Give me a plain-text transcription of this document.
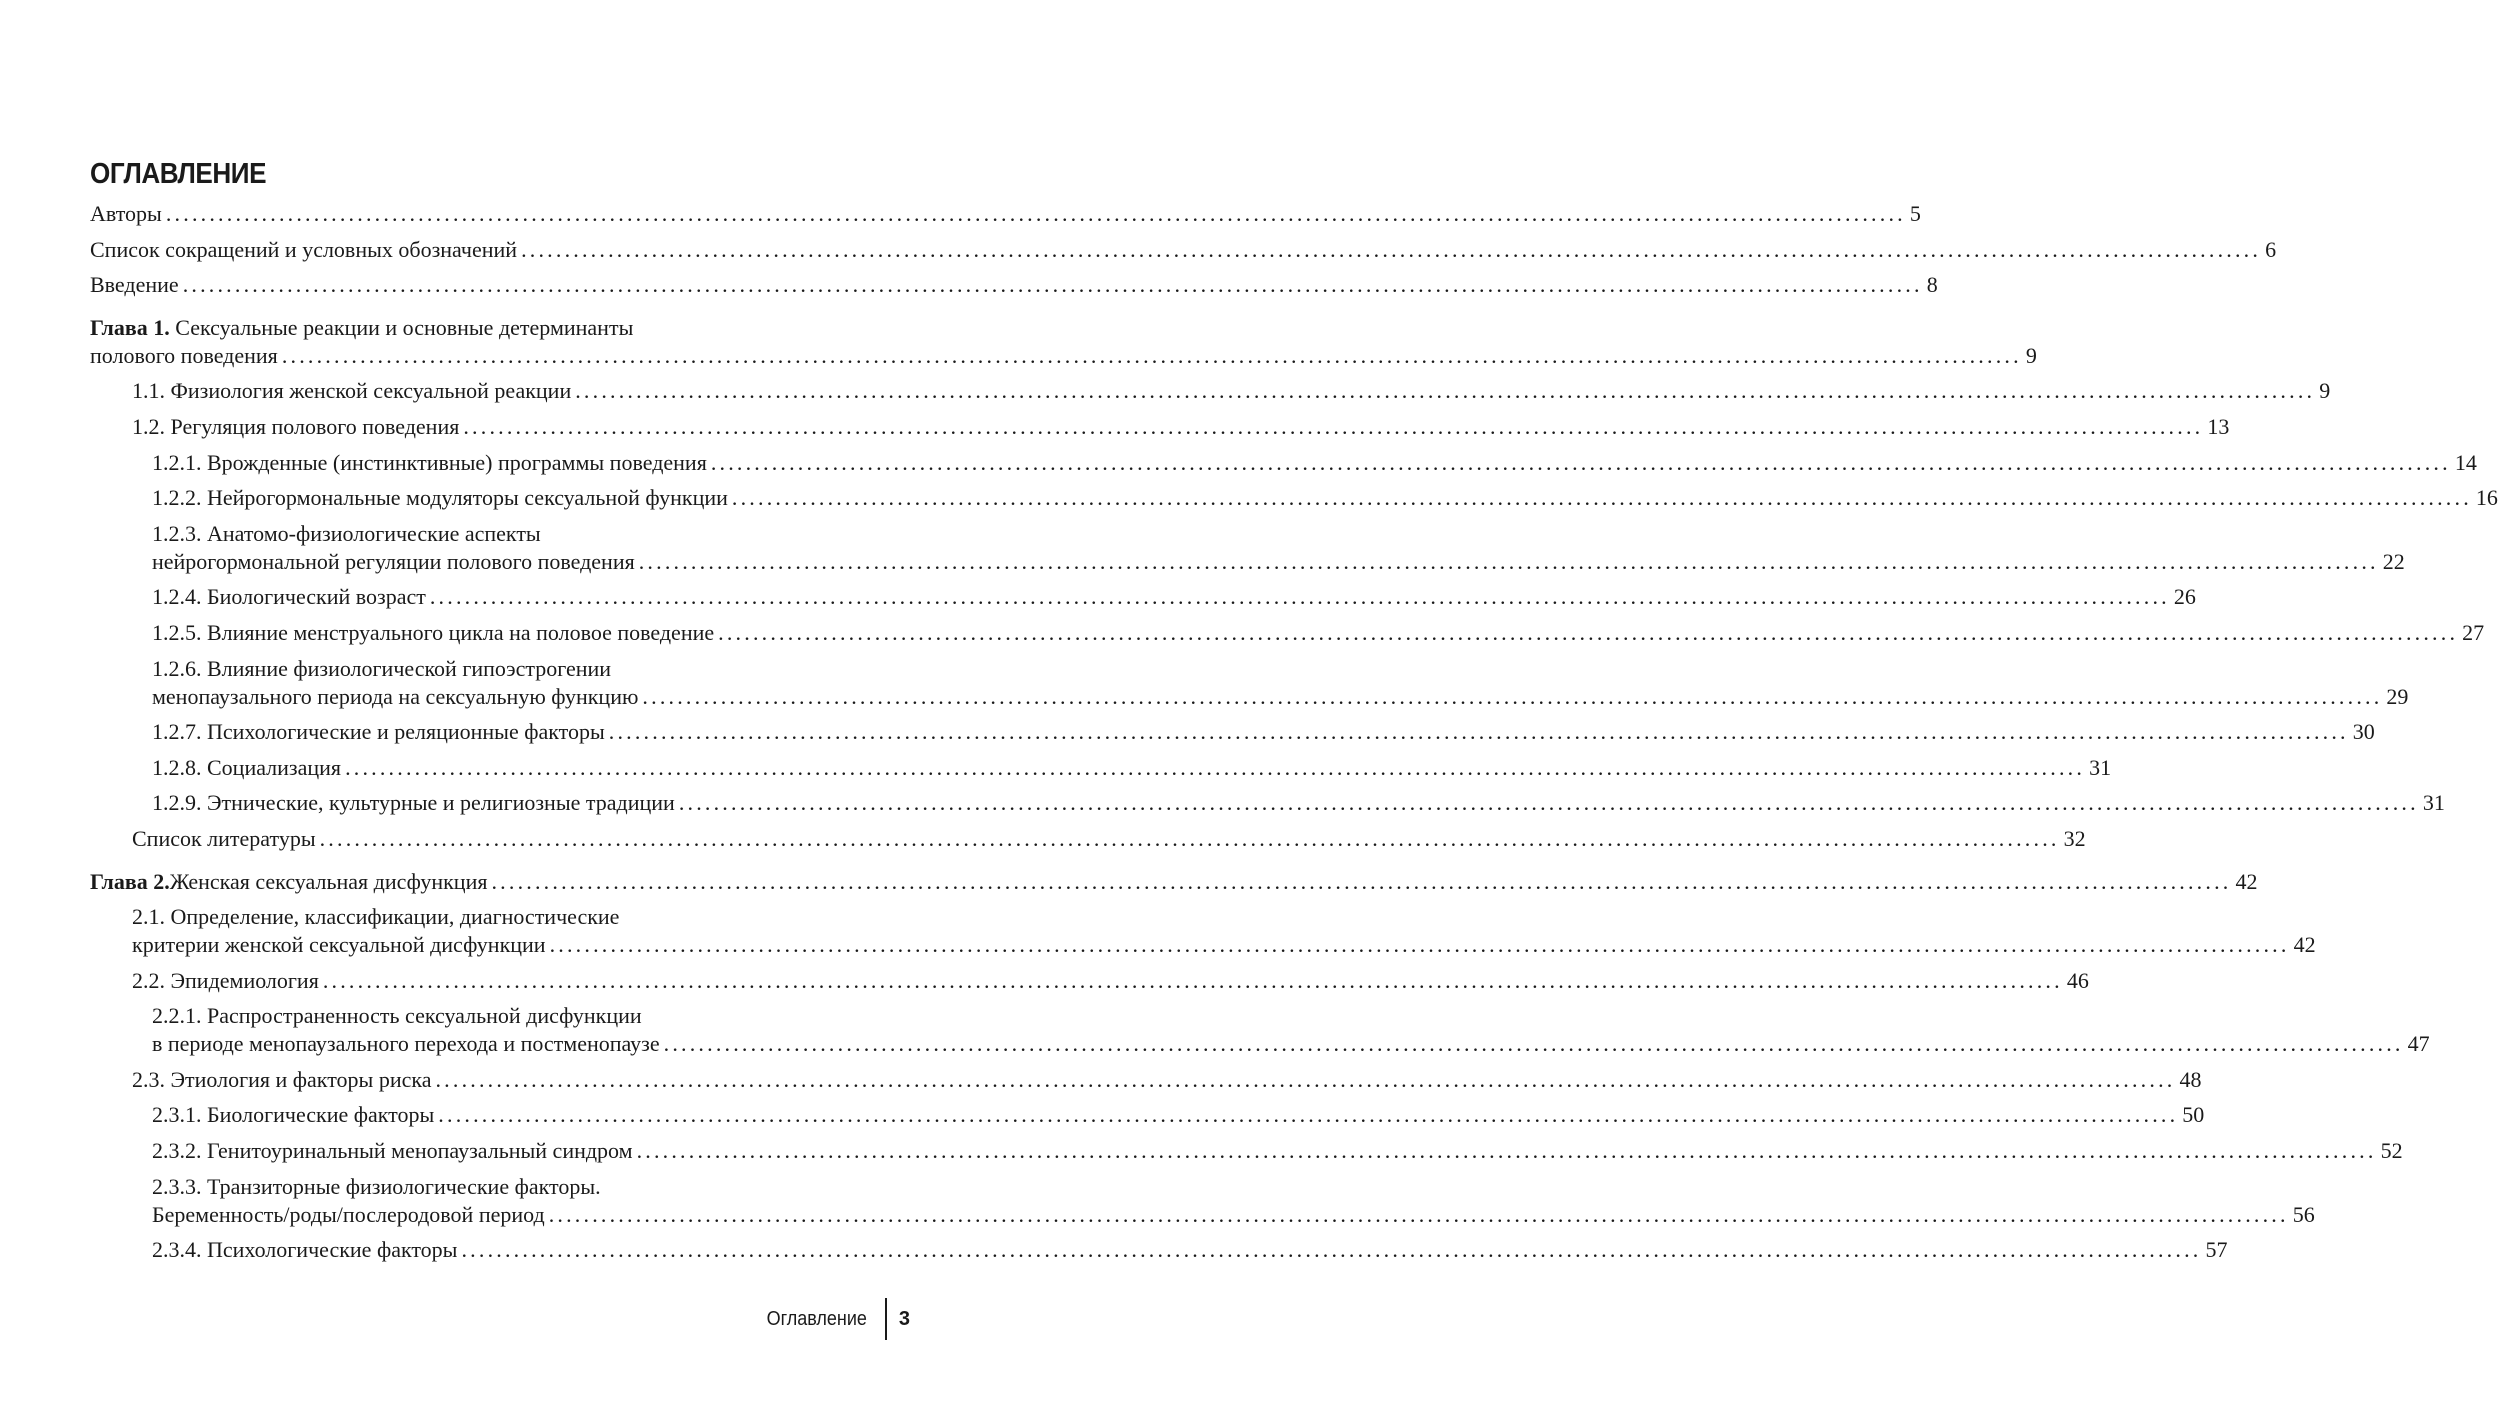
ОГЛАВЛЕНИЕ
Авторы ........................................................................................................................................................................................................ 5
Список сокращений и условных обозначений ........................................................................................................................................................................................................ 6
Введение ........................................................................................................................................................................................................ 8
Глава 1. Сексуальные реакции и основные детерминанты
полового поведения ........................................................................................................................................................................................................ 9
1.1. Физиология женской сексуальной реакции ........................................................................................................................................................................................................ 9
1.2. Регуляция полового поведения ........................................................................................................................................................................................................ 13
1.2.1. Врожденные (инстинктивные) программы поведения ........................................................................................................................................................................................................ 14
1.2.2. Нейрогормональные модуляторы сексуальной функции ........................................................................................................................................................................................................ 16
1.2.3. Анатомо-физиологические аспекты
нейрогормональной регуляции полового поведения ........................................................................................................................................................................................................ 22
1.2.4. Биологический возраст ........................................................................................................................................................................................................ 26
1.2.5. Влияние менструального цикла на половое поведение ........................................................................................................................................................................................................ 27
1.2.6. Влияние физиологической гипоэстрогении
менопаузального периода на сексуальную функцию ........................................................................................................................................................................................................ 29
1.2.7. Психологические и реляционные факторы ........................................................................................................................................................................................................ 30
1.2.8. Социализация ........................................................................................................................................................................................................ 31
1.2.9. Этнические, культурные и религиозные традиции ........................................................................................................................................................................................................ 31
Список литературы ........................................................................................................................................................................................................ 32
Глава 2. Женская сексуальная дисфункция ........................................................................................................................................................................................................ 42
2.1. Определение, классификации, диагностические
критерии женской сексуальной дисфункции ........................................................................................................................................................................................................ 42
2.2. Эпидемиология ........................................................................................................................................................................................................ 46
2.2.1. Распространенность сексуальной дисфункции
в периоде менопаузального перехода и постменопаузе ........................................................................................................................................................................................................ 47
2.3. Этиология и факторы риска ........................................................................................................................................................................................................ 48
2.3.1. Биологические факторы ........................................................................................................................................................................................................ 50
2.3.2. Генитоуринальный менопаузальный синдром ........................................................................................................................................................................................................ 52
2.3.3. Транзиторные физиологические факторы.
Беременность/роды/послеродовой период ........................................................................................................................................................................................................ 56
2.3.4. Психологические факторы ........................................................................................................................................................................................................ 57
Оглавление 3
